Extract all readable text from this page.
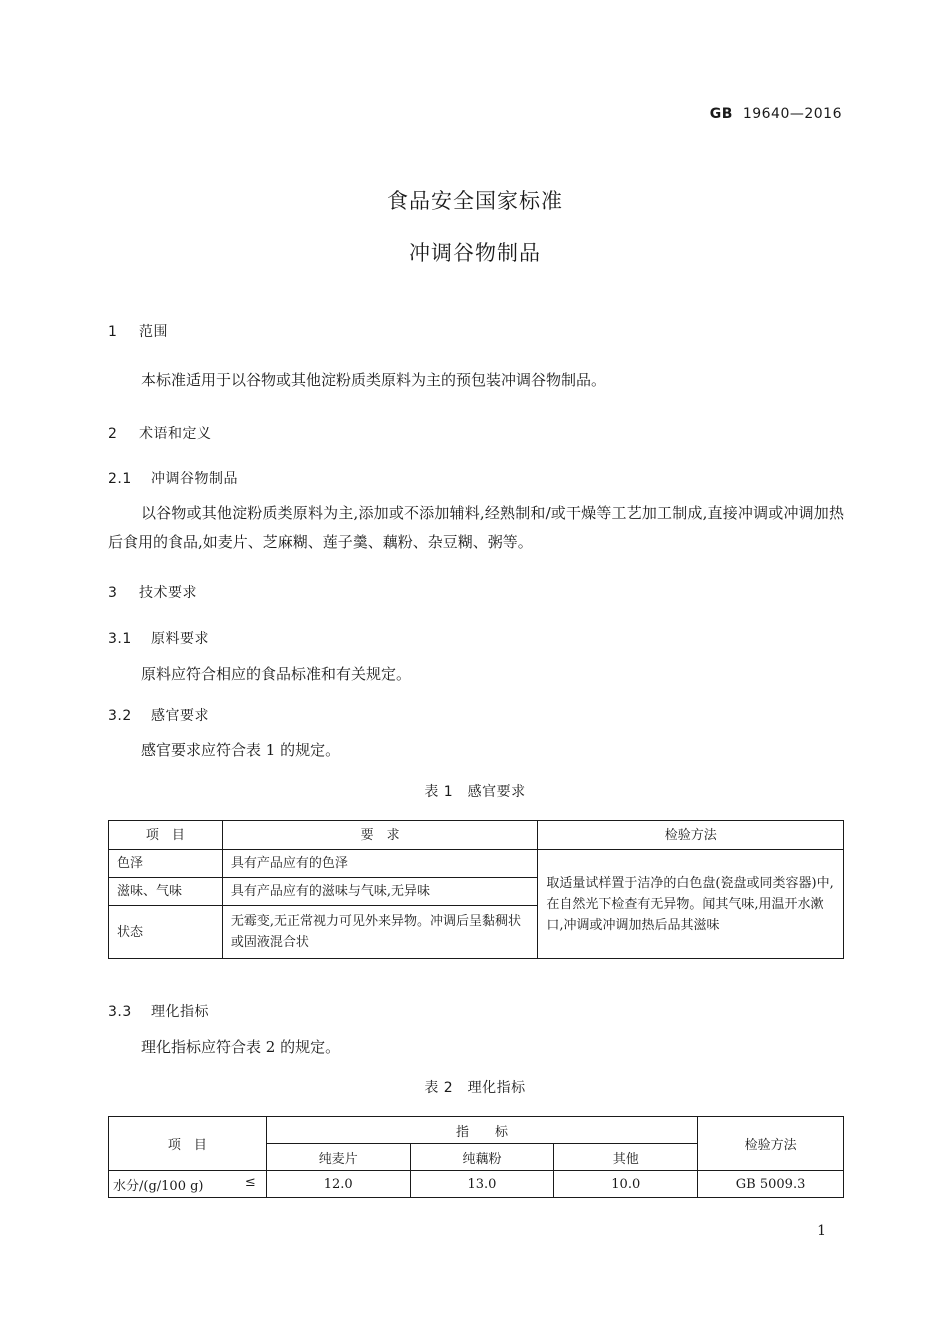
GB 19640—2016
食品安全国家标准
冲调谷物制品
1 范围
本标准适用于以谷物或其他淀粉质类原料为主的预包装冲调谷物制品。
2 术语和定义
2.1 冲调谷物制品
以谷物或其他淀粉质类原料为主,添加或不添加辅料,经熟制和/或干燥等工艺加工制成,直接冲调或冲调加热后食用的食品,如麦片、芝麻糊、莲子羹、藕粉、杂豆糊、粥等。
3 技术要求
3.1 原料要求
原料应符合相应的食品标准和有关规定。
3.2 感官要求
感官要求应符合表 1 的规定。
表 1　感官要求
项　目	要　求	检验方法
色泽	具有产品应有的色泽	取适量试样置于洁净的白色盘(瓷盘或同类容器)中,在自然光下检查有无异物。闻其气味,用温开水漱口,冲调或冲调加热后品其滋味
滋味、气味	具有产品应有的滋味与气味,无异味	
状态	无霉变,无正常视力可见外来异物。冲调后呈黏稠状或固液混合状	
3.3 理化指标
理化指标应符合表 2 的规定。
表 2　理化指标
项　目	指　　标			检验方法
	纯麦片	纯藕粉	其他	
水分/(g/100 g) ≤	12.0	13.0	10.0	GB 5009.3
1
